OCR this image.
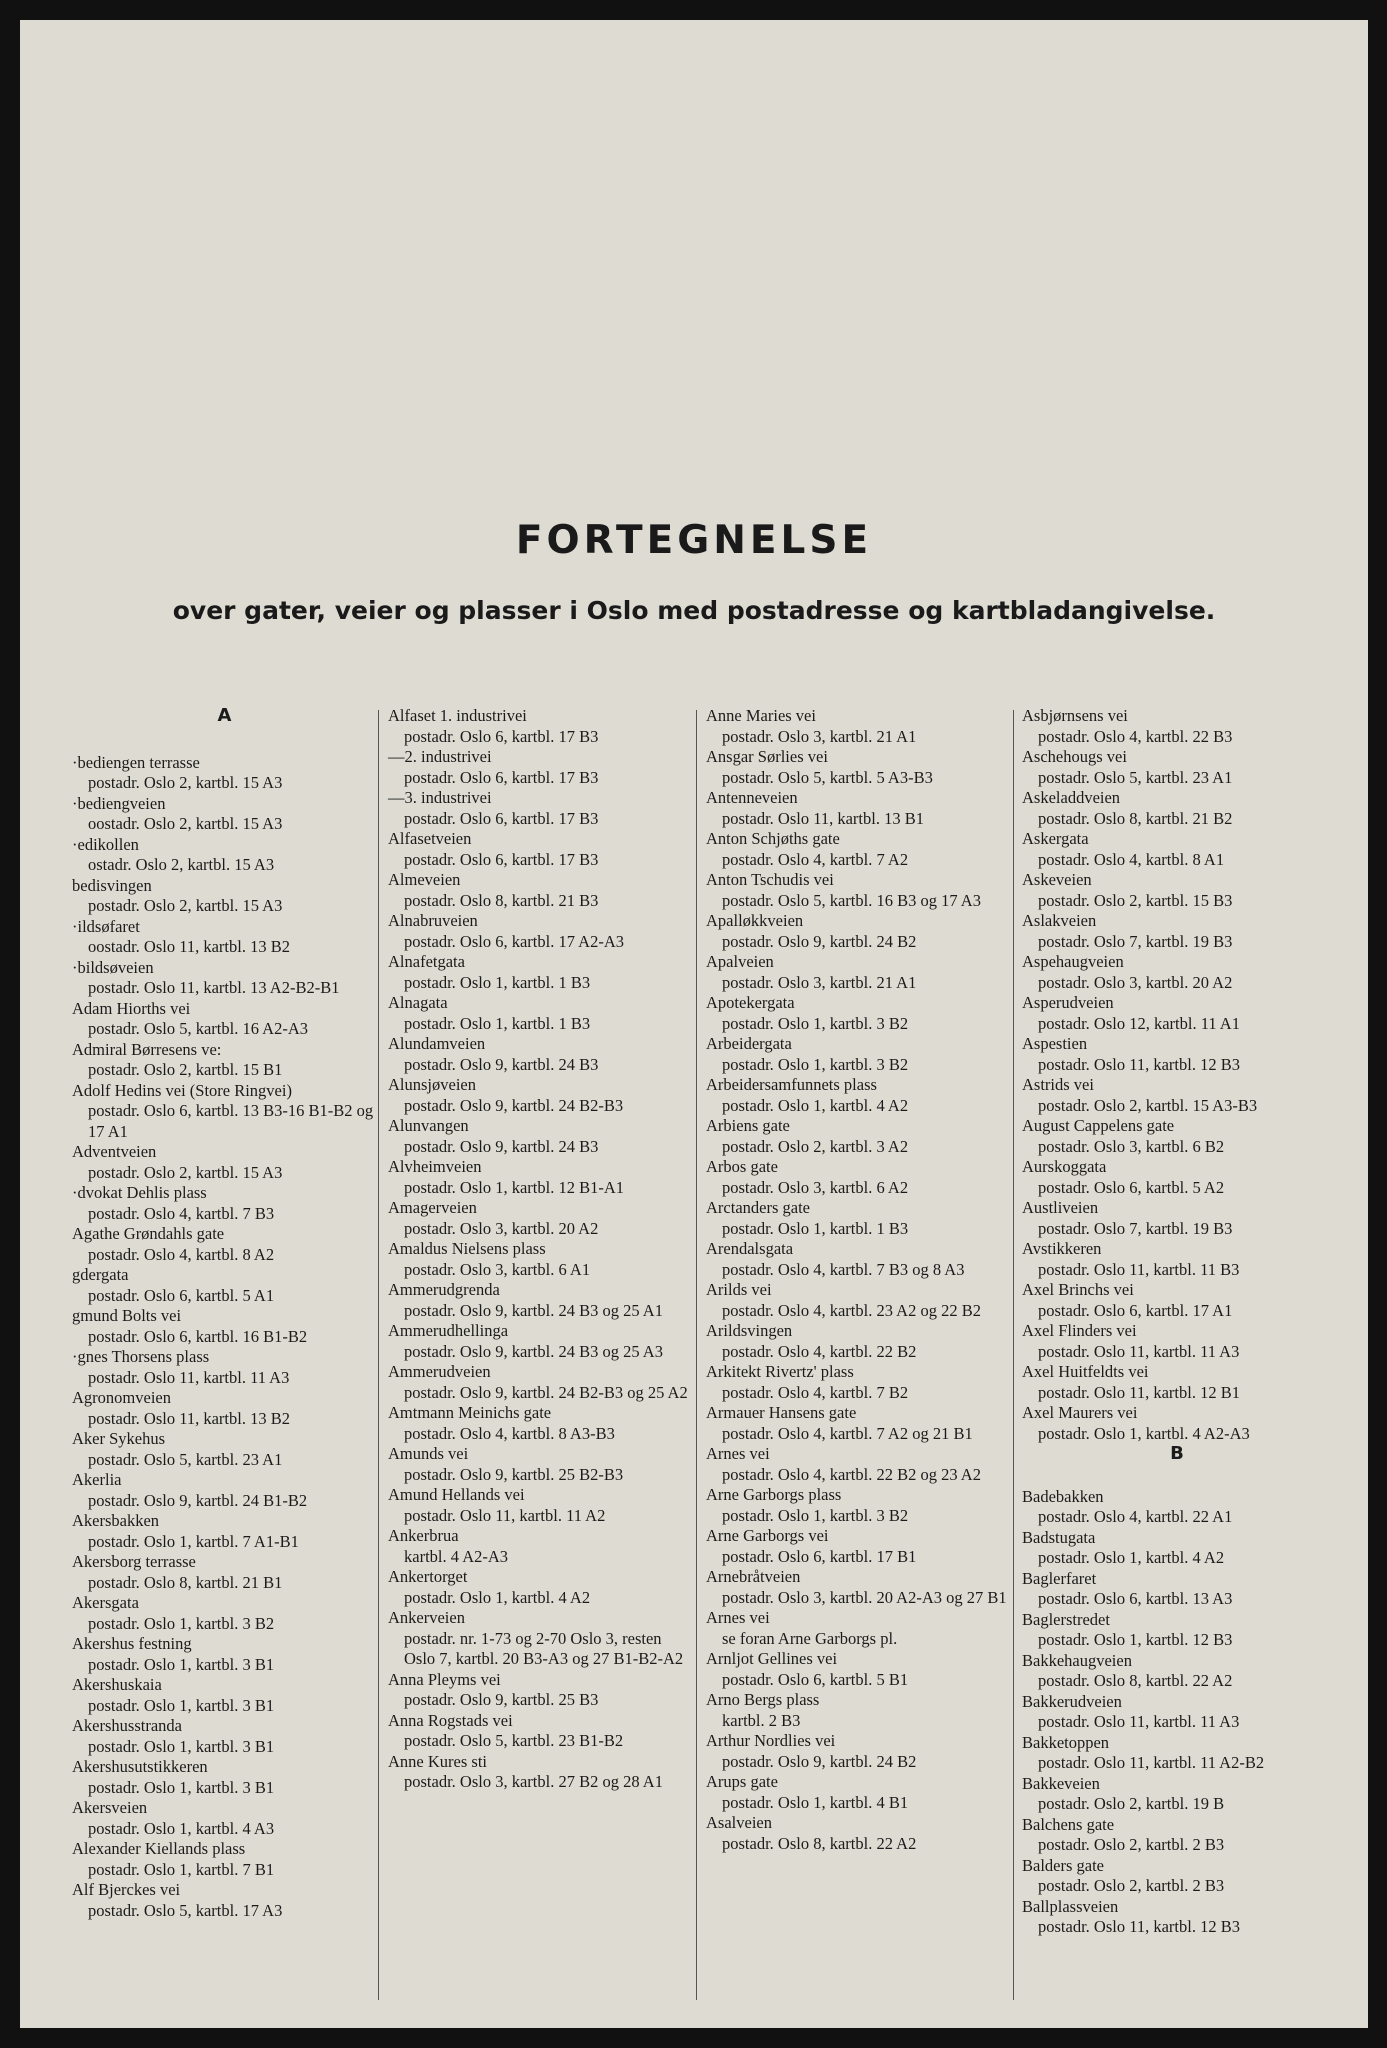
FORTEGNELSE
over gater, veier og plasser i Oslo med postadresse og kartbladangivelse.
A
·bediengen terrasse
postadr. Oslo 2, kartbl. 15 A3
·bediengveien
oostadr. Oslo 2, kartbl. 15 A3
·edikollen
ostadr. Oslo 2, kartbl. 15 A3
bedisvingen
postadr. Oslo 2, kartbl. 15 A3
·ildsøfaret
oostadr. Oslo 11, kartbl. 13 B2
·bildsøveien
postadr. Oslo 11, kartbl. 13 A2-B2-B1
Adam Hiorths vei
postadr. Oslo 5, kartbl. 16 A2-A3
Admiral Børresens ve:
postadr. Oslo 2, kartbl. 15 B1
Adolf Hedins vei (Store Ringvei)
postadr. Oslo 6, kartbl. 13 B3-16 B1-B2 og 17 A1
Adventveien
postadr. Oslo 2, kartbl. 15 A3
·dvokat Dehlis plass
postadr. Oslo 4, kartbl. 7 B3
Agathe Grøndahls gate
postadr. Oslo 4, kartbl. 8 A2
gdergata
postadr. Oslo 6, kartbl. 5 A1
gmund Bolts vei
postadr. Oslo 6, kartbl. 16 B1-B2
·gnes Thorsens plass
postadr. Oslo 11, kartbl. 11 A3
Agronomveien
postadr. Oslo 11, kartbl. 13 B2
Aker Sykehus
postadr. Oslo 5, kartbl. 23 A1
Akerlia
postadr. Oslo 9, kartbl. 24 B1-B2
Akersbakken
postadr. Oslo 1, kartbl. 7 A1-B1
Akersborg terrasse
postadr. Oslo 8, kartbl. 21 B1
Akersgata
postadr. Oslo 1, kartbl. 3 B2
Akershus festning
postadr. Oslo 1, kartbl. 3 B1
Akershuskaia
postadr. Oslo 1, kartbl. 3 B1
Akershusstranda
postadr. Oslo 1, kartbl. 3 B1
Akershusutstikkeren
postadr. Oslo 1, kartbl. 3 B1
Akersveien
postadr. Oslo 1, kartbl. 4 A3
Alexander Kiellands plass
postadr. Oslo 1, kartbl. 7 B1
Alf Bjerckes vei
postadr. Oslo 5, kartbl. 17 A3
Alfaset 1. industrivei
postadr. Oslo 6, kartbl. 17 B3
—2. industrivei
postadr. Oslo 6, kartbl. 17 B3
—3. industrivei
postadr. Oslo 6, kartbl. 17 B3
Alfasetveien
postadr. Oslo 6, kartbl. 17 B3
Almeveien
postadr. Oslo 8, kartbl. 21 B3
Alnabruveien
postadr. Oslo 6, kartbl. 17 A2-A3
Alnafetgata
postadr. Oslo 1, kartbl. 1 B3
Alnagata
postadr. Oslo 1, kartbl. 1 B3
Alundamveien
postadr. Oslo 9, kartbl. 24 B3
Alunsjøveien
postadr. Oslo 9, kartbl. 24 B2-B3
Alunvangen
postadr. Oslo 9, kartbl. 24 B3
Alvheimveien
postadr. Oslo 1, kartbl. 12 B1-A1
Amagerveien
postadr. Oslo 3, kartbl. 20 A2
Amaldus Nielsens plass
postadr. Oslo 3, kartbl. 6 A1
Ammerudgrenda
postadr. Oslo 9, kartbl. 24 B3 og 25 A1
Ammerudhellinga
postadr. Oslo 9, kartbl. 24 B3 og 25 A3
Ammerudveien
postadr. Oslo 9, kartbl. 24 B2-B3 og 25 A2
Amtmann Meinichs gate
postadr. Oslo 4, kartbl. 8 A3-B3
Amunds vei
postadr. Oslo 9, kartbl. 25 B2-B3
Amund Hellands vei
postadr. Oslo 11, kartbl. 11 A2
Ankerbrua
kartbl. 4 A2-A3
Ankertorget
postadr. Oslo 1, kartbl. 4 A2
Ankerveien
postadr. nr. 1-73 og 2-70 Oslo 3, resten Oslo 7, kartbl. 20 B3-A3 og 27 B1-B2-A2
Anna Pleyms vei
postadr. Oslo 9, kartbl. 25 B3
Anna Rogstads vei
postadr. Oslo 5, kartbl. 23 B1-B2
Anne Kures sti
postadr. Oslo 3, kartbl. 27 B2 og 28 A1
Anne Maries vei
postadr. Oslo 3, kartbl. 21 A1
Ansgar Sørlies vei
postadr. Oslo 5, kartbl. 5 A3-B3
Antenneveien
postadr. Oslo 11, kartbl. 13 B1
Anton Schjøths gate
postadr. Oslo 4, kartbl. 7 A2
Anton Tschudis vei
postadr. Oslo 5, kartbl. 16 B3 og 17 A3
Apalløkkveien
postadr. Oslo 9, kartbl. 24 B2
Apalveien
postadr. Oslo 3, kartbl. 21 A1
Apotekergata
postadr. Oslo 1, kartbl. 3 B2
Arbeidergata
postadr. Oslo 1, kartbl. 3 B2
Arbeidersamfunnets plass
postadr. Oslo 1, kartbl. 4 A2
Arbiens gate
postadr. Oslo 2, kartbl. 3 A2
Arbos gate
postadr. Oslo 3, kartbl. 6 A2
Arctanders gate
postadr. Oslo 1, kartbl. 1 B3
Arendalsgata
postadr. Oslo 4, kartbl. 7 B3 og 8 A3
Arilds vei
postadr. Oslo 4, kartbl. 23 A2 og 22 B2
Arildsvingen
postadr. Oslo 4, kartbl. 22 B2
Arkitekt Rivertz' plass
postadr. Oslo 4, kartbl. 7 B2
Armauer Hansens gate
postadr. Oslo 4, kartbl. 7 A2 og 21 B1
Arnes vei
postadr. Oslo 4, kartbl. 22 B2 og 23 A2
Arne Garborgs plass
postadr. Oslo 1, kartbl. 3 B2
Arne Garborgs vei
postadr. Oslo 6, kartbl. 17 B1
Arnebråtveien
postadr. Oslo 3, kartbl. 20 A2-A3 og 27 B1
Arnes vei
se foran Arne Garborgs pl.
Arnljot Gellines vei
postadr. Oslo 6, kartbl. 5 B1
Arno Bergs plass
kartbl. 2 B3
Arthur Nordlies vei
postadr. Oslo 9, kartbl. 24 B2
Arups gate
postadr. Oslo 1, kartbl. 4 B1
Asalveien
postadr. Oslo 8, kartbl. 22 A2
Asbjørnsens vei
postadr. Oslo 4, kartbl. 22 B3
Aschehougs vei
postadr. Oslo 5, kartbl. 23 A1
Askeladdveien
postadr. Oslo 8, kartbl. 21 B2
Askergata
postadr. Oslo 4, kartbl. 8 A1
Askeveien
postadr. Oslo 2, kartbl. 15 B3
Aslakveien
postadr. Oslo 7, kartbl. 19 B3
Aspehaugveien
postadr. Oslo 3, kartbl. 20 A2
Asperudveien
postadr. Oslo 12, kartbl. 11 A1
Aspestien
postadr. Oslo 11, kartbl. 12 B3
Astrids vei
postadr. Oslo 2, kartbl. 15 A3-B3
August Cappelens gate
postadr. Oslo 3, kartbl. 6 B2
Aurskoggata
postadr. Oslo 6, kartbl. 5 A2
Austliveien
postadr. Oslo 7, kartbl. 19 B3
Avstikkeren
postadr. Oslo 11, kartbl. 11 B3
Axel Brinchs vei
postadr. Oslo 6, kartbl. 17 A1
Axel Flinders vei
postadr. Oslo 11, kartbl. 11 A3
Axel Huitfeldts vei
postadr. Oslo 11, kartbl. 12 B1
Axel Maurers vei
postadr. Oslo 1, kartbl. 4 A2-A3
B
Badebakken
postadr. Oslo 4, kartbl. 22 A1
Badstugata
postadr. Oslo 1, kartbl. 4 A2
Baglerfaret
postadr. Oslo 6, kartbl. 13 A3
Baglerstredet
postadr. Oslo 1, kartbl. 12 B3
Bakkehaugveien
postadr. Oslo 8, kartbl. 22 A2
Bakkerudveien
postadr. Oslo 11, kartbl. 11 A3
Bakketoppen
postadr. Oslo 11, kartbl. 11 A2-B2
Bakkeveien
postadr. Oslo 2, kartbl. 19 B
Balchens gate
postadr. Oslo 2, kartbl. 2 B3
Balders gate
postadr. Oslo 2, kartbl. 2 B3
Ballplassveien
postadr. Oslo 11, kartbl. 12 B3
